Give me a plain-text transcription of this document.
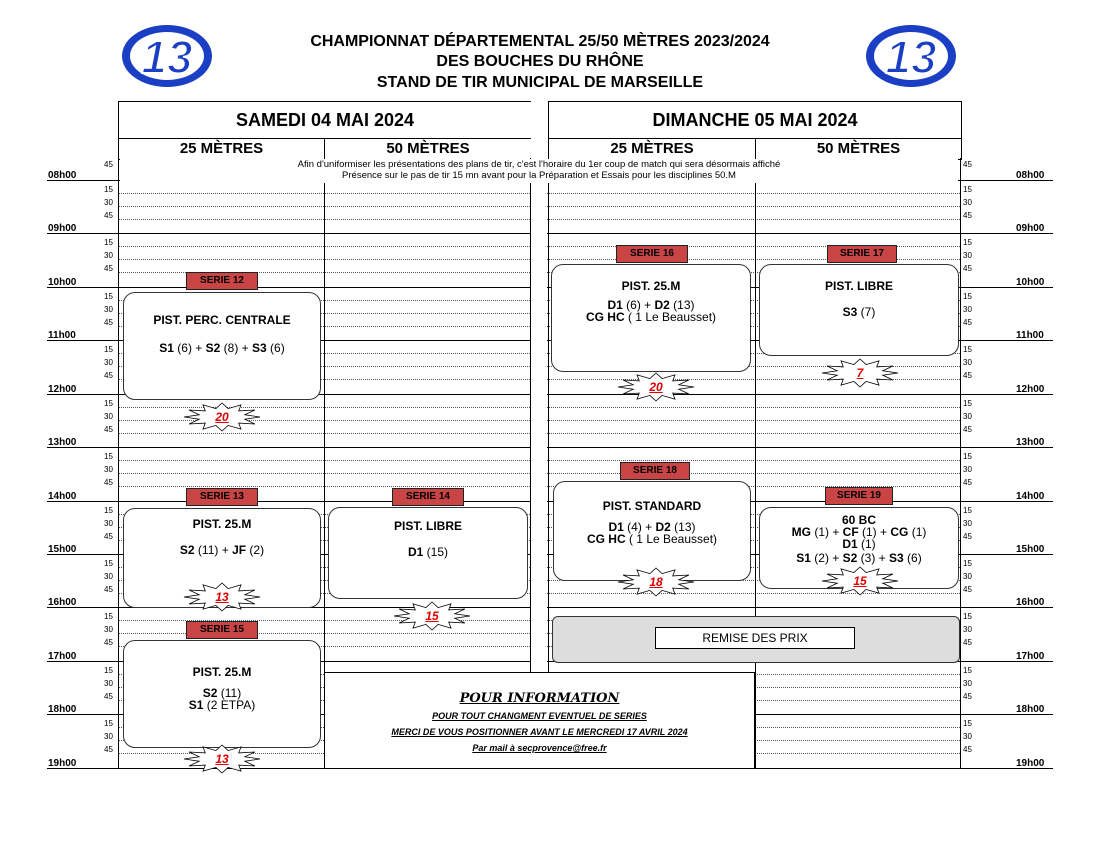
13	13
CHAMPIONNAT DÉPARTEMENTAL 25/50 MÈTRES 2023/2024
DES BOUCHES DU RHÔNE
STAND DE TIR MUNICIPAL DE MARSEILLE
SAMEDI 04 MAI 2024	DIMANCHE 05 MAI 2024
25 MÈTRES	50 MÈTRES	25 MÈTRES	50 MÈTRES
45	45
08h00	08h00
15	15
30	30
45	45
09h00	09h00
15	15
30	30
45	45
10h00	10h00
15	15
30	30
45	45
11h00	11h00
15	15
30	30
45	45
12h00	12h00
15	15
30	30
45	45
13h00	13h00
15	15
30	30
45	45
14h00	14h00
15	15
30	30
45	45
15h00	15h00
15	15
30	30
45	45
16h00	16h00
15	15
30	30
45	45
17h00	17h00
15	15
30	30
45	45
18h00	18h00
15	15
30	30
45	45
19h00	19h00
Afin d'uniformiser les présentations des plans de tir, c'est l'horaire du 1er coup de match qui sera désormais affiché
Présence sur le pas de tir 15 mn avant pour la Préparation et Essais pour les disciplines 50.M
SERIE 12
PIST. PERC. CENTRALE
S1 (6) + S2 (8) + S3 (6)
20
SERIE 13
PIST. 25.M
S2 (11) + JF (2)
13
SERIE 14
PIST. LIBRE
D1 (15)
15
SERIE 15
PIST. 25.M
S2 (11)
S1 (2 ETPA)
13
SERIE 16
PIST. 25.M
D1 (6) + D2 (13)
CG HC ( 1 Le Beausset)
20
SERIE 17
PIST. LIBRE
S3 (7)
7
SERIE 18
PIST. STANDARD
D1 (4) + D2 (13)
CG HC ( 1 Le Beausset)
18
SERIE 19
60 BC
MG (1) + CF (1) + CG (1)
D1 (1)
S1 (2) + S2 (3) + S3 (6)
15
REMISE DES PRIX
POUR INFORMATION
POUR TOUT CHANGMENT EVENTUEL DE SERIES
MERCI DE VOUS POSITIONNER AVANT LE MERCREDI 17 AVRIL 2024
Par mail à secprovence@free.fr
